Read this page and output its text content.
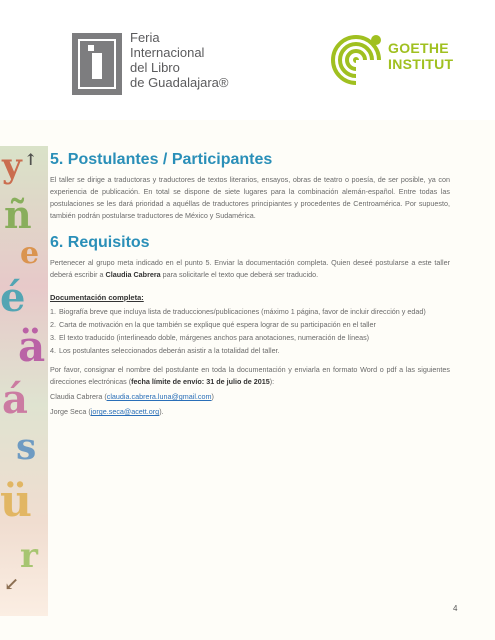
Feria
Internacional
del Libro
de Guadalajara®
GOETHE
INSTITUT
y ↑
ñ
e
é
ä
á
s
ü
r
↙
5. Postulantes / Participantes

El taller se dirige a traductoras y traductores de textos literarios, ensayos, obras de teatro o poesía, de ser posible, ya con experiencia de publicación. En total se dispone de siete lugares para la combinación alemán-español. Entre todas las postulaciones se les dará prioridad a aquéllas de traductores principiantes y procedentes de Centroamérica. Por supuesto, también podrán postularse traductores de México y Sudamérica.

6. Requisitos

Pertenecer al grupo meta indicado en el punto 5. Enviar la documentación completa. Quien deseé postularse a este taller deberá escribir a Claudia Cabrera para solicitarle el texto que deberá ser traducido.

Documentación completa:

1. Biografía breve que incluya lista de traducciones/publicaciones (máximo 1 página, favor de incluir dirección y edad)
2. Carta de motivación en la que también se explique qué espera lograr de su participación en el taller
3. El texto traducido (interlineado doble, márgenes anchos para anotaciones, numeración de líneas)
4. Los postulantes seleccionados deberán asistir a la totalidad del taller.

Por favor, consignar el nombre del postulante en toda la documentación y enviarla en formato Word o pdf a las siguientes direcciones electrónicas (fecha límite de envío: 31 de julio de 2015):

Claudia Cabrera (claudia.cabrera.luna@gmail.com)

Jorge Seca (jorge.seca@acett.org).

4
